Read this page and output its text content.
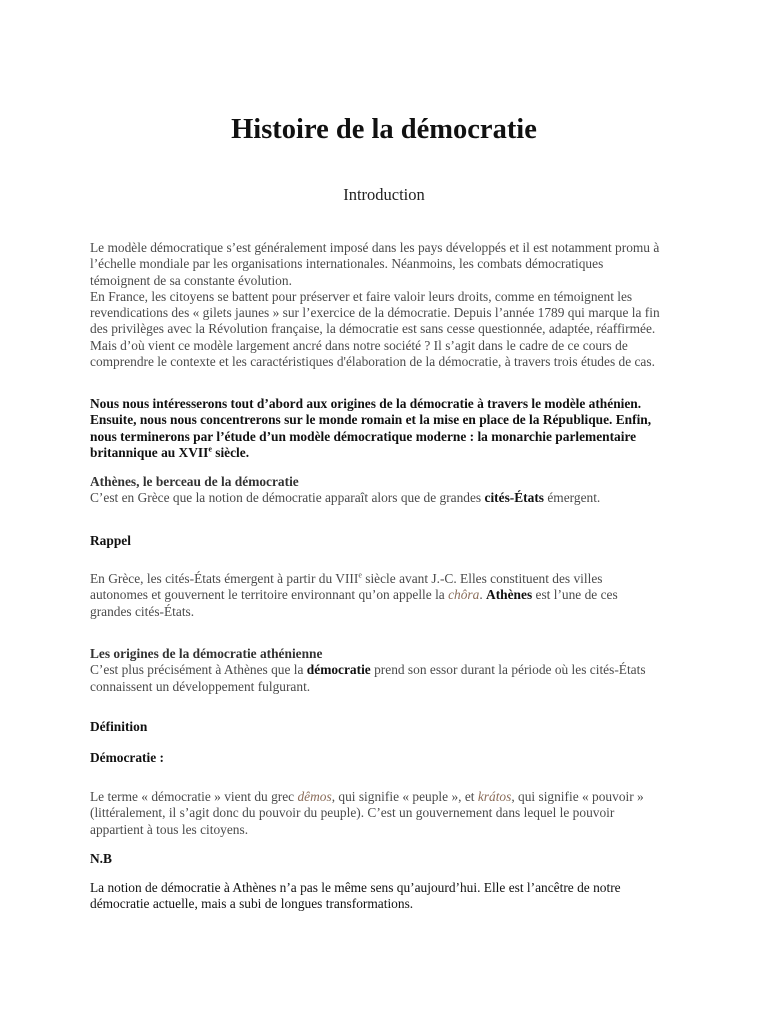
Histoire de la démocratie
Introduction
Le modèle démocratique s’est généralement imposé dans les pays développés et il est notamment promu à
l’échelle mondiale par les organisations internationales. Néanmoins, les combats démocratiques
témoignent de sa constante évolution.
En France, les citoyens se battent pour préserver et faire valoir leurs droits, comme en témoignent les
revendications des « gilets jaunes » sur l’exercice de la démocratie. Depuis l’année 1789 qui marque la fin
des privilèges avec la Révolution française, la démocratie est sans cesse questionnée, adaptée, réaffirmée.
Mais d’où vient ce modèle largement ancré dans notre société ? Il s’agit dans le cadre de ce cours de
comprendre le contexte et les caractéristiques d'élaboration de la démocratie, à travers trois études de cas.
Nous nous intéresserons tout d’abord aux origines de la démocratie à travers le modèle athénien.
Ensuite, nous nous concentrerons sur le monde romain et la mise en place de la République. Enfin,
nous terminerons par l’étude d’un modèle démocratique moderne : la monarchie parlementaire
britannique au XVIIe siècle.
Athènes, le berceau de la démocratie
C’est en Grèce que la notion de démocratie apparaît alors que de grandes cités-États émergent.
Rappel
En Grèce, les cités-États émergent à partir du VIIIe siècle avant J.-C. Elles constituent des villes
autonomes et gouvernent le territoire environnant qu’on appelle la chôra. Athènes est l’une de ces
grandes cités-États.
Les origines de la démocratie athénienne
C’est plus précisément à Athènes que la démocratie prend son essor durant la période où les cités-États
connaissent un développement fulgurant.
Définition
Démocratie :
Le terme « démocratie » vient du grec dêmos, qui signifie « peuple », et krátos, qui signifie « pouvoir »
(littéralement, il s’agit donc du pouvoir du peuple). C’est un gouvernement dans lequel le pouvoir
appartient à tous les citoyens.
N.B
La notion de démocratie à Athènes n’a pas le même sens qu’aujourd’hui. Elle est l’ancêtre de notre
démocratie actuelle, mais a subi de longues transformations.
